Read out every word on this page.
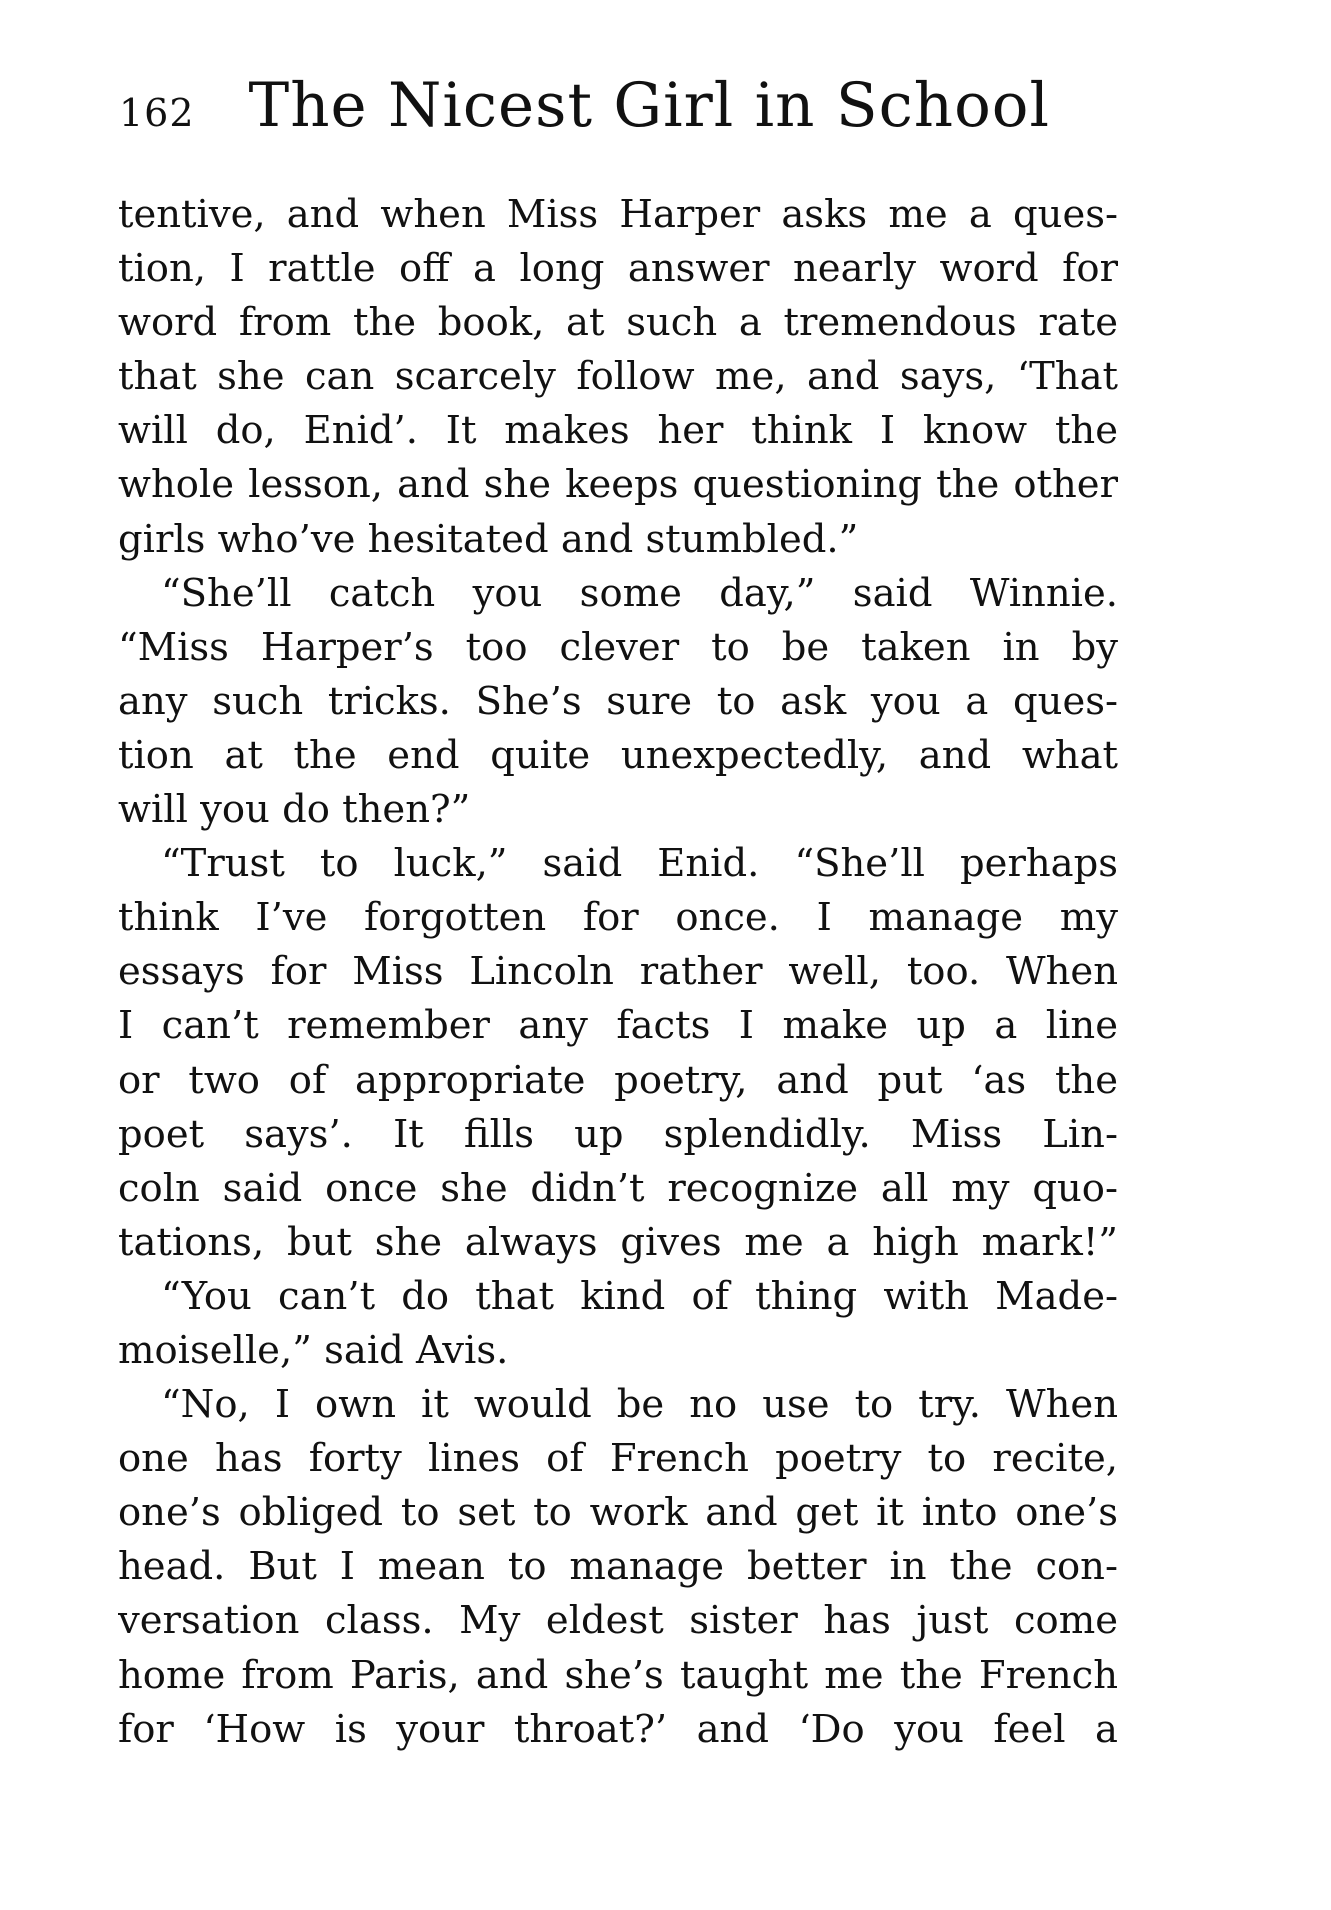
162 The Nicest Girl in School
tentive, and when Miss Harper asks me a ques-
tion, I rattle off a long answer nearly word for
word from the book, at such a tremendous rate
that she can scarcely follow me, and says, ‘That
will do, Enid’. It makes her think I know the
whole lesson, and she keeps questioning the other
girls who’ve hesitated and stumbled.”
“She’ll catch you some day,” said Winnie.
“Miss Harper’s too clever to be taken in by
any such tricks. She’s sure to ask you a ques-
tion at the end quite unexpectedly, and what
will you do then?”
“Trust to luck,” said Enid. “She’ll perhaps
think I’ve forgotten for once. I manage my
essays for Miss Lincoln rather well, too. When
I can’t remember any facts I make up a line
or two of appropriate poetry, and put ‘as the
poet says’. It fills up splendidly. Miss Lin-
coln said once she didn’t recognize all my quo-
tations, but she always gives me a high mark!”
“You can’t do that kind of thing with Made-
moiselle,” said Avis.
“No, I own it would be no use to try. When
one has forty lines of French poetry to recite,
one’s obliged to set to work and get it into one’s
head. But I mean to manage better in the con-
versation class. My eldest sister has just come
home from Paris, and she’s taught me the French
for ‘How is your throat?’ and ‘Do you feel a
